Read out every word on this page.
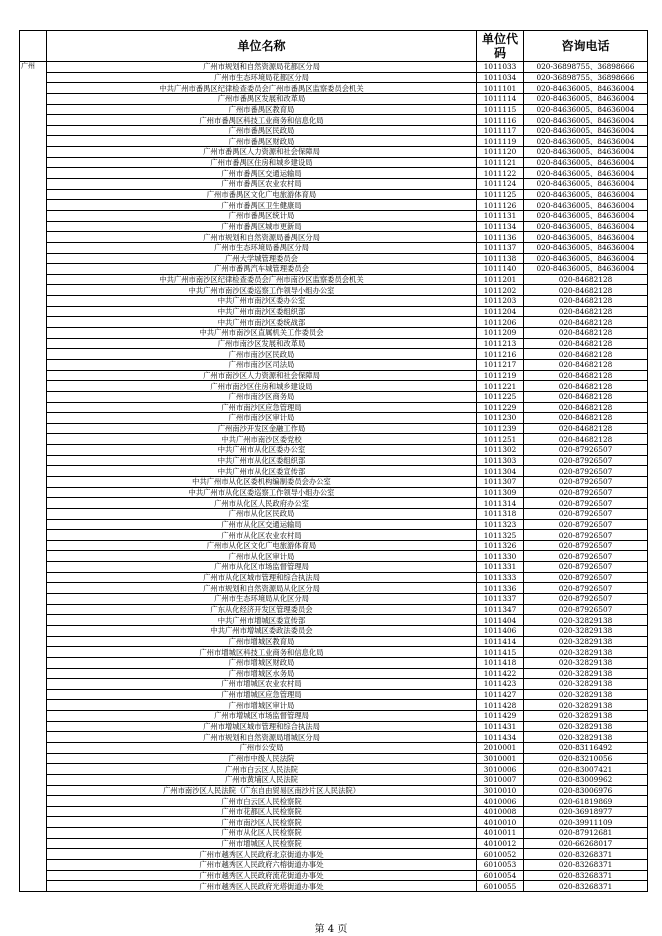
	单位名称	单位代码	咨询电话
广州	广州市规划和自然资源局花都区分局	1011033	020-36898755、36898666
	广州市生态环境局花都区分局	1011034	020-36898755、36898666
	中共广州市番禺区纪律检查委员会广州市番禺区监察委员会机关	1011101	020-84636005、84636004
	广州市番禺区发展和改革局	1011114	020-84636005、84636004
	广州市番禺区教育局	1011115	020-84636005、84636004
	广州市番禺区科技工业商务和信息化局	1011116	020-84636005、84636004
	广州市番禺区民政局	1011117	020-84636005、84636004
	广州市番禺区财政局	1011119	020-84636005、84636004
	广州市番禺区人力资源和社会保障局	1011120	020-84636005、84636004
	广州市番禺区住房和城乡建设局	1011121	020-84636005、84636004
	广州市番禺区交通运输局	1011122	020-84636005、84636004
	广州市番禺区农业农村局	1011124	020-84636005、84636004
	广州市番禺区文化广电旅游体育局	1011125	020-84636005、84636004
	广州市番禺区卫生健康局	1011126	020-84636005、84636004
	广州市番禺区统计局	1011131	020-84636005、84636004
	广州市番禺区城市更新局	1011134	020-84636005、84636004
	广州市规划和自然资源局番禺区分局	1011136	020-84636005、84636004
	广州市生态环境局番禺区分局	1011137	020-84636005、84636004
	广州大学城管理委员会	1011138	020-84636005、84636004
	广州市番禺汽车城管理委员会	1011140	020-84636005、84636004
	中共广州市南沙区纪律检查委员会广州市南沙区监察委员会机关	1011201	020-84682128
	中共广州市南沙区委巡察工作领导小组办公室	1011202	020-84682128
	中共广州市南沙区委办公室	1011203	020-84682128
	中共广州市南沙区委组织部	1011204	020-84682128
	中共广州市南沙区委统战部	1011206	020-84682128
	中共广州市南沙区直属机关工作委员会	1011209	020-84682128
	广州市南沙区发展和改革局	1011213	020-84682128
	广州市南沙区民政局	1011216	020-84682128
	广州市南沙区司法局	1011217	020-84682128
	广州市南沙区人力资源和社会保障局	1011219	020-84682128
	广州市南沙区住房和城乡建设局	1011221	020-84682128
	广州市南沙区商务局	1011225	020-84682128
	广州市南沙区应急管理局	1011229	020-84682128
	广州市南沙区审计局	1011230	020-84682128
	广州南沙开发区金融工作局	1011239	020-84682128
	中共广州市南沙区委党校	1011251	020-84682128
	中共广州市从化区委办公室	1011302	020-87926507
	中共广州市从化区委组织部	1011303	020-87926507
	中共广州市从化区委宣传部	1011304	020-87926507
	中共广州市从化区委机构编制委员会办公室	1011307	020-87926507
	中共广州市从化区委巡察工作领导小组办公室	1011309	020-87926507
	广州市从化区人民政府办公室	1011314	020-87926507
	广州市从化区民政局	1011318	020-87926507
	广州市从化区交通运输局	1011323	020-87926507
	广州市从化区农业农村局	1011325	020-87926507
	广州市从化区文化广电旅游体育局	1011326	020-87926507
	广州市从化区审计局	1011330	020-87926507
	广州市从化区市场监督管理局	1011331	020-87926507
	广州市从化区城市管理和综合执法局	1011333	020-87926507
	广州市规划和自然资源局从化区分局	1011336	020-87926507
	广州市生态环境局从化区分局	1011337	020-87926507
	广东从化经济开发区管理委员会	1011347	020-87926507
	中共广州市增城区委宣传部	1011404	020-32829138
	中共广州市增城区委政法委员会	1011406	020-32829138
	广州市增城区教育局	1011414	020-32829138
	广州市增城区科技工业商务和信息化局	1011415	020-32829138
	广州市增城区财政局	1011418	020-32829138
	广州市增城区水务局	1011422	020-32829138
	广州市增城区农业农村局	1011423	020-32829138
	广州市增城区应急管理局	1011427	020-32829138
	广州市增城区审计局	1011428	020-32829138
	广州市增城区市场监督管理局	1011429	020-32829138
	广州市增城区城市管理和综合执法局	1011431	020-32829138
	广州市规划和自然资源局增城区分局	1011434	020-32829138
	广州市公安局	2010001	020-83116492
	广州市中级人民法院	3010001	020-83210056
	广州市白云区人民法院	3010006	020-83007421
	广州市黄埔区人民法院	3010007	020-83009962
	广州市南沙区人民法院（广东自由贸易区南沙片区人民法院）	3010010	020-83006976
	广州市白云区人民检察院	4010006	020-61819869
	广州市花都区人民检察院	4010008	020-36918977
	广州市南沙区人民检察院	4010010	020-39911109
	广州市从化区人民检察院	4010011	020-87912681
	广州市增城区人民检察院	4010012	020-66268017
	广州市越秀区人民政府北京街道办事处	6010052	020-83268371
	广州市越秀区人民政府六榕街道办事处	6010053	020-83268371
	广州市越秀区人民政府流花街道办事处	6010054	020-83268371
	广州市越秀区人民政府光塔街道办事处	6010055	020-83268371
第 4 页
